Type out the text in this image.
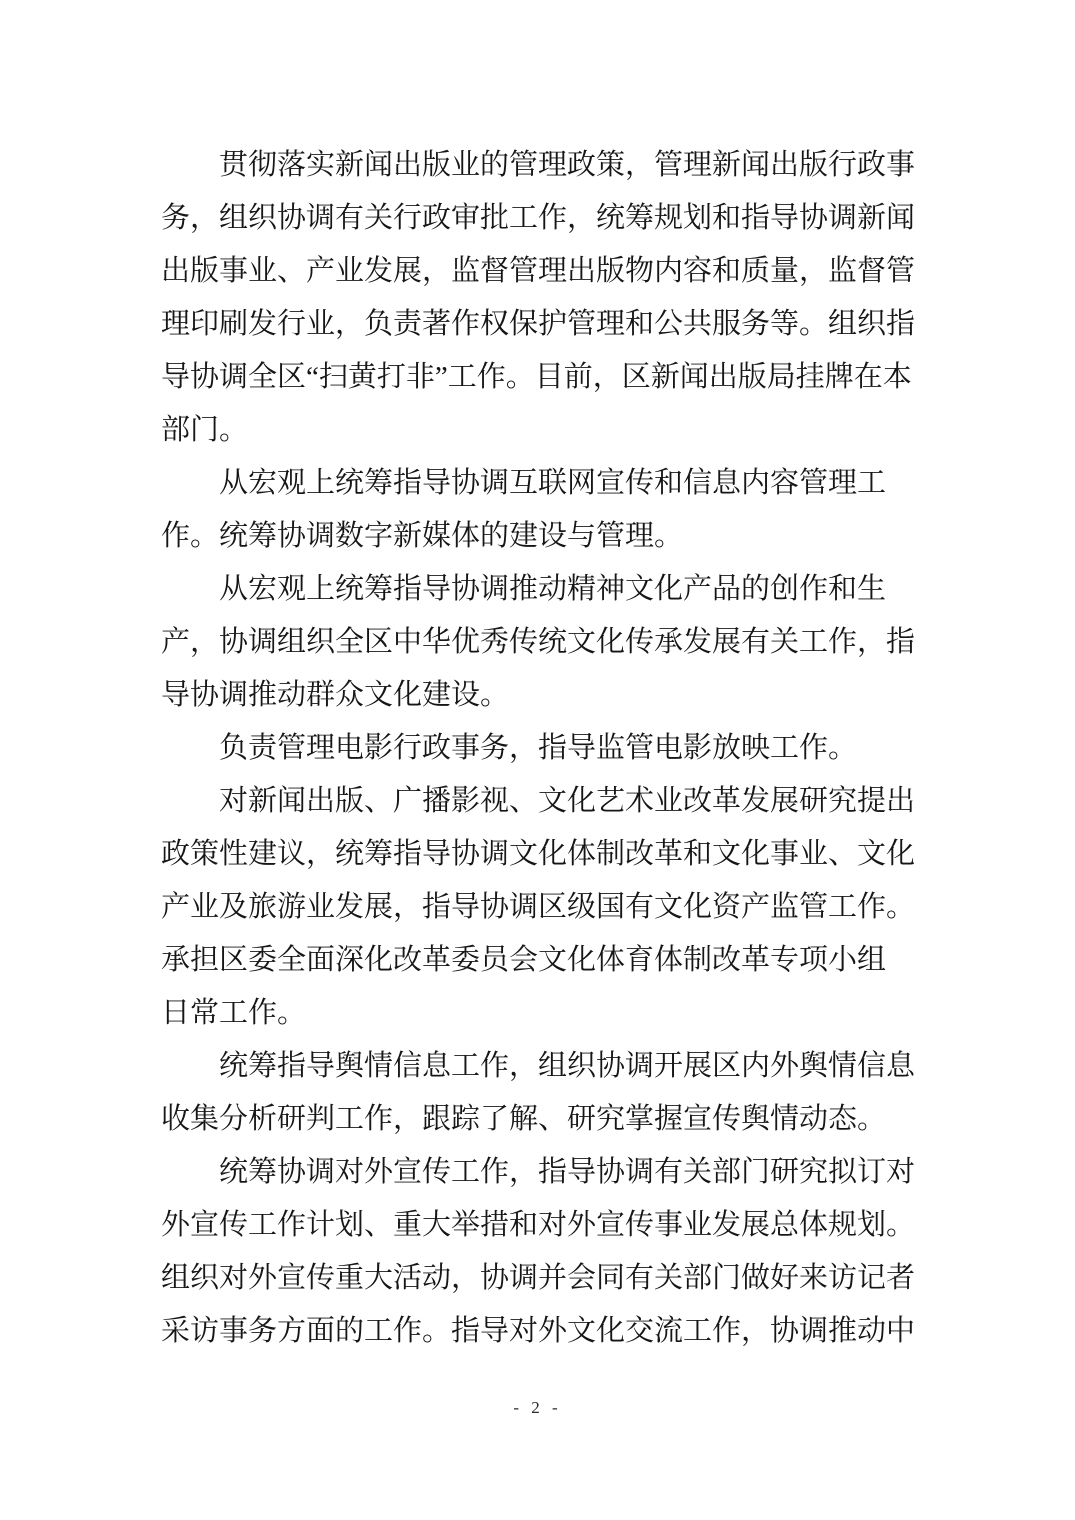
贯彻落实新闻出版业的管理政策，管理新闻出版行政事
务，组织协调有关行政审批工作，统筹规划和指导协调新闻
出版事业、产业发展，监督管理出版物内容和质量，监督管
理印刷发行业，负责著作权保护管理和公共服务等。组织指
导协调全区“扫黄打非”工作。目前，区新闻出版局挂牌在本
部门。
从宏观上统筹指导协调互联网宣传和信息内容管理工
作。统筹协调数字新媒体的建设与管理。
从宏观上统筹指导协调推动精神文化产品的创作和生
产，协调组织全区中华优秀传统文化传承发展有关工作，指
导协调推动群众文化建设。
负责管理电影行政事务，指导监管电影放映工作。
对新闻出版、广播影视、文化艺术业改革发展研究提出
政策性建议，统筹指导协调文化体制改革和文化事业、文化
产业及旅游业发展，指导协调区级国有文化资产监管工作。
承担区委全面深化改革委员会文化体育体制改革专项小组
日常工作。
统筹指导舆情信息工作，组织协调开展区内外舆情信息
收集分析研判工作，跟踪了解、研究掌握宣传舆情动态。
统筹协调对外宣传工作，指导协调有关部门研究拟订对
外宣传工作计划、重大举措和对外宣传事业发展总体规划。
组织对外宣传重大活动，协调并会同有关部门做好来访记者
采访事务方面的工作。指导对外文化交流工作，协调推动中
- 2 -
